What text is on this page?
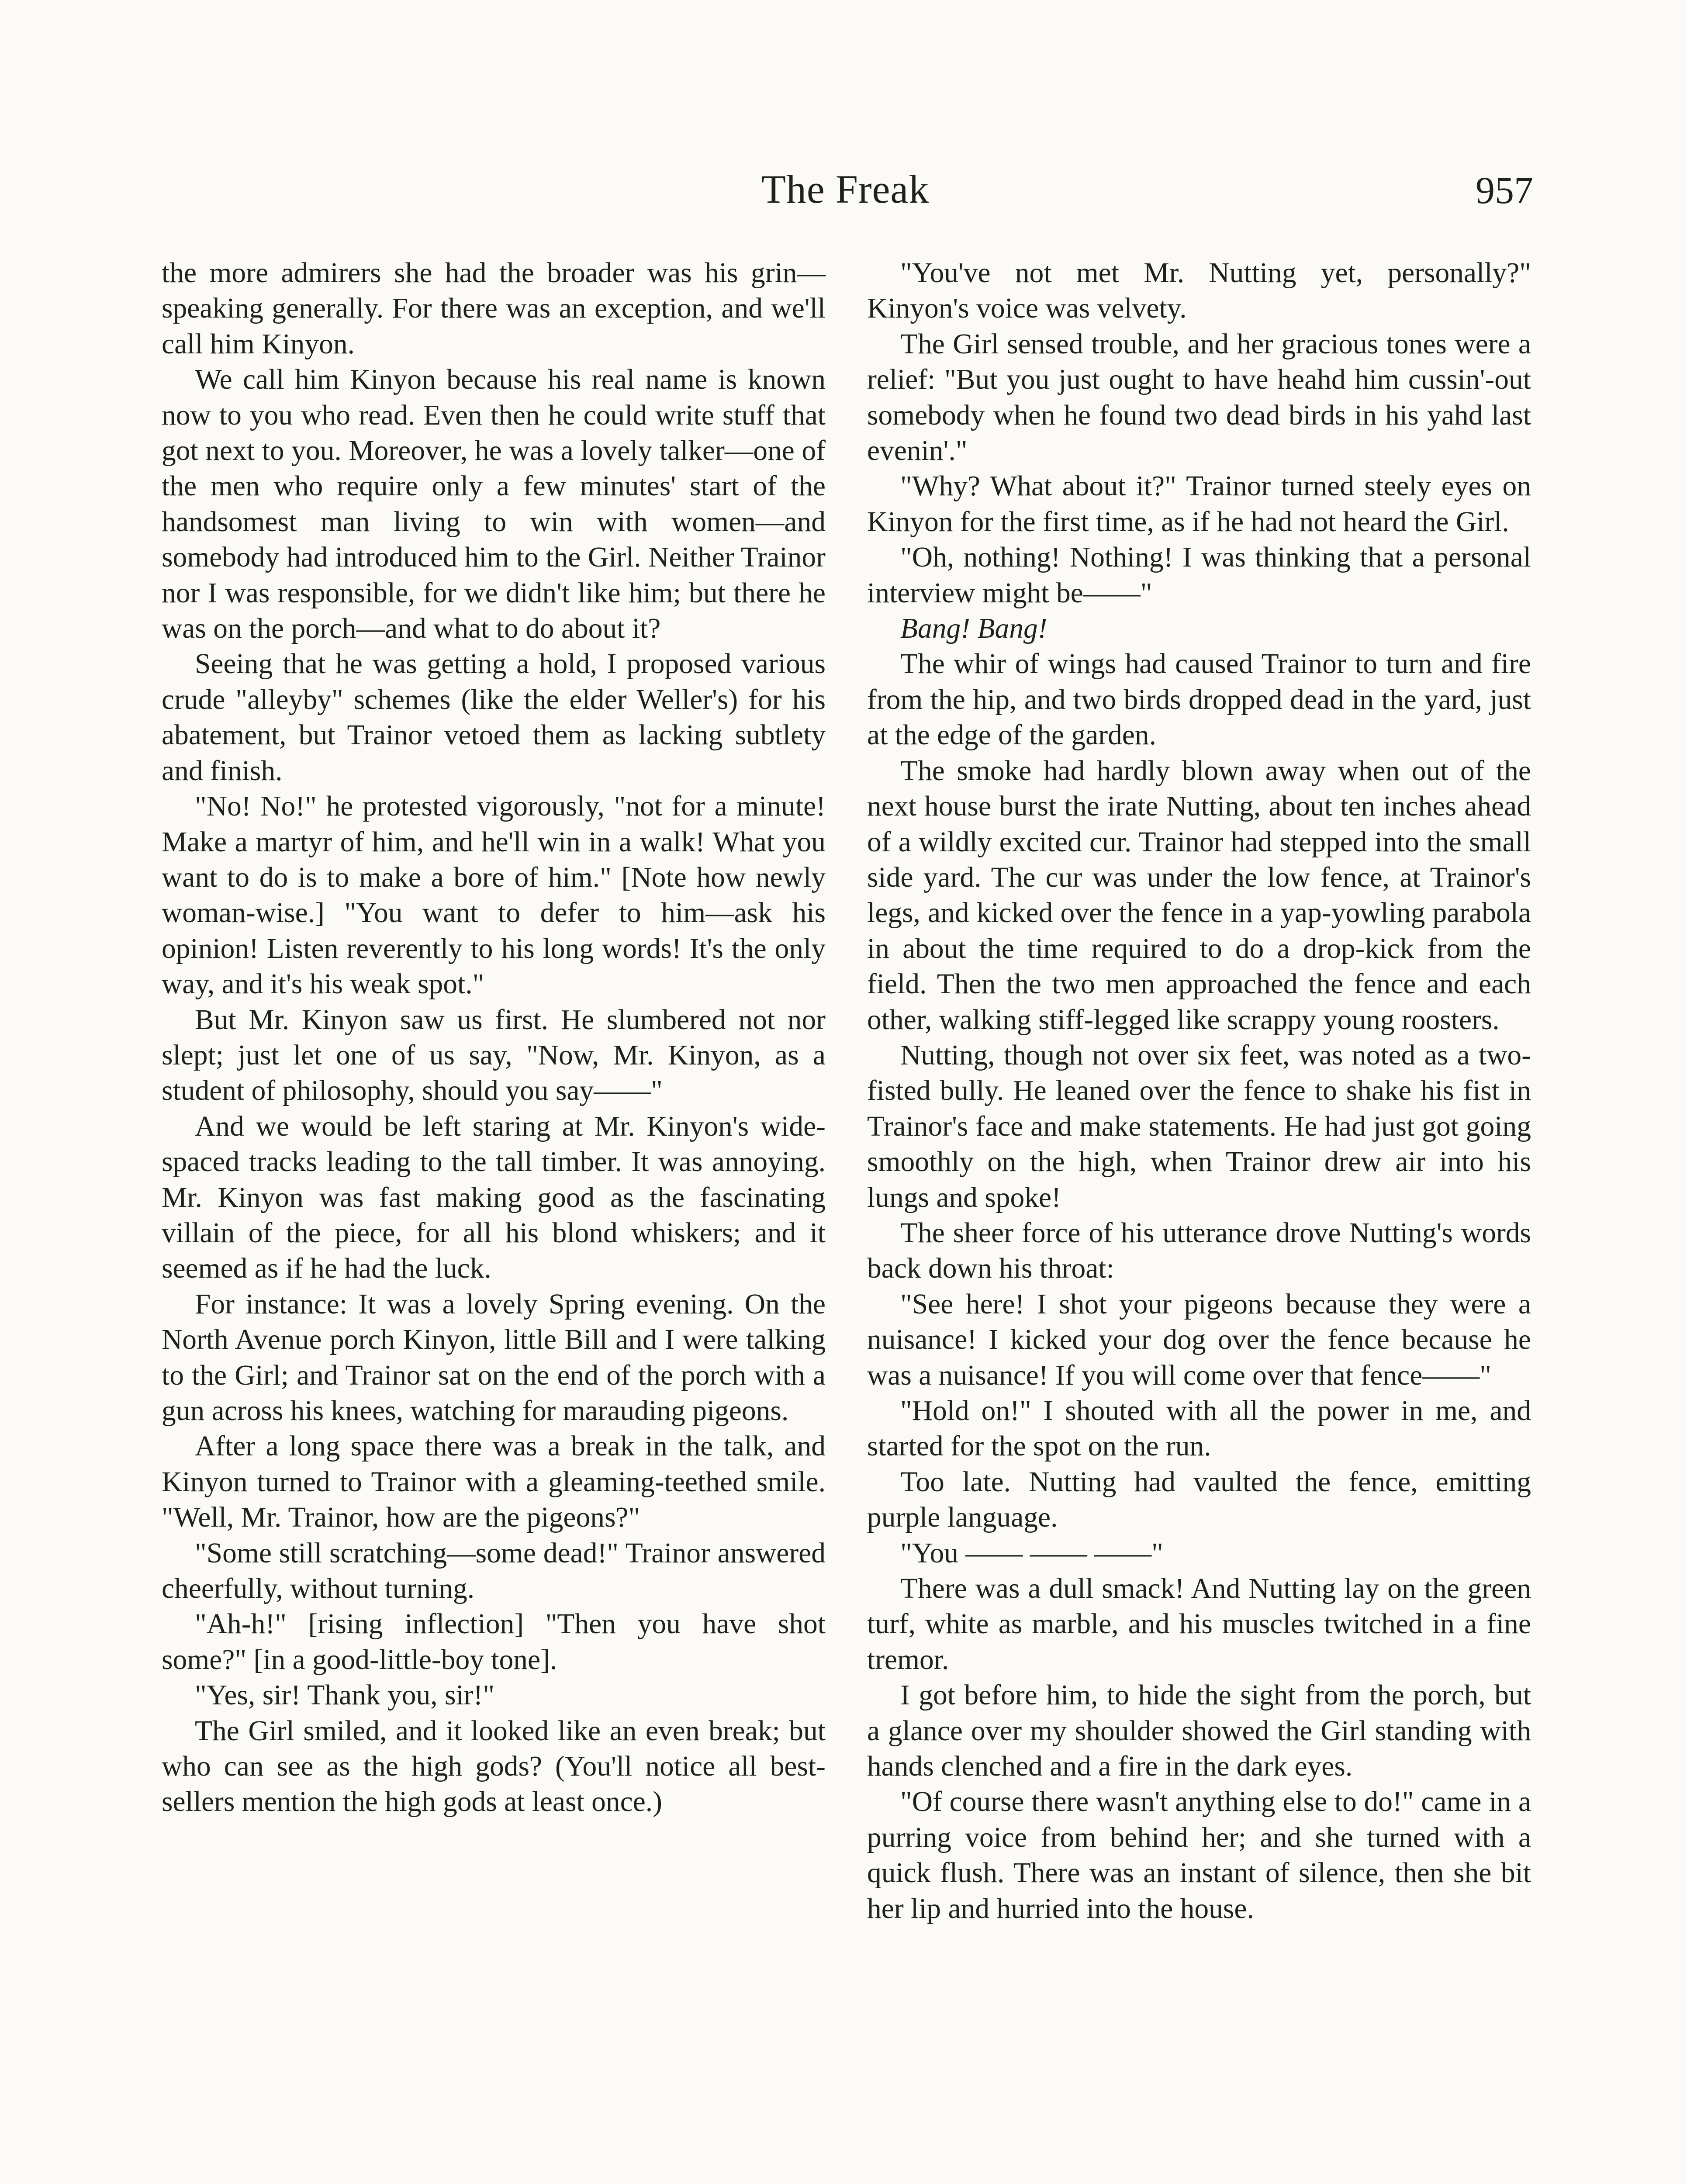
The Freak	957

the more admirers she had the broader was his grin—speaking generally. For there was an exception, and we'll call him Kinyon.

We call him Kinyon because his real name is known now to you who read. Even then he could write stuff that got next to you. Moreover, he was a lovely talker—one of the men who require only a few minutes' start of the handsomest man living to win with women—and somebody had introduced him to the Girl. Neither Trainor nor I was responsible, for we didn't like him; but there he was on the porch—and what to do about it?

Seeing that he was getting a hold, I proposed various crude "alleyby" schemes (like the elder Weller's) for his abatement, but Trainor vetoed them as lacking subtlety and finish.

"No! No!" he protested vigorously, "not for a minute! Make a martyr of him, and he'll win in a walk! What you want to do is to make a bore of him." [Note how newly woman-wise.] "You want to defer to him—ask his opinion! Listen reverently to his long words! It's the only way, and it's his weak spot."

But Mr. Kinyon saw us first. He slumbered not nor slept; just let one of us say, "Now, Mr. Kinyon, as a student of philosophy, should you say——"

And we would be left staring at Mr. Kinyon's wide-spaced tracks leading to the tall timber. It was annoying. Mr. Kinyon was fast making good as the fascinating villain of the piece, for all his blond whiskers; and it seemed as if he had the luck.

For instance: It was a lovely Spring evening. On the North Avenue porch Kinyon, little Bill and I were talking to the Girl; and Trainor sat on the end of the porch with a gun across his knees, watching for marauding pigeons.

After a long space there was a break in the talk, and Kinyon turned to Trainor with a gleaming-teethed smile. "Well, Mr. Trainor, how are the pigeons?"

"Some still scratching—some dead!" Trainor answered cheerfully, without turning.

"Ah-h!" [rising inflection] "Then you have shot some?" [in a good-little-boy tone].

"Yes, sir! Thank you, sir!"

The Girl smiled, and it looked like an even break; but who can see as the high gods? (You'll notice all best-sellers mention the high gods at least once.)

"You've not met Mr. Nutting yet, personally?" Kinyon's voice was velvety.

The Girl sensed trouble, and her gracious tones were a relief: "But you just ought to have heahd him cussin'-out somebody when he found two dead birds in his yahd last evenin'."

"Why? What about it?" Trainor turned steely eyes on Kinyon for the first time, as if he had not heard the Girl.

"Oh, nothing! Nothing! I was thinking that a personal interview might be——"

Bang! Bang!

The whir of wings had caused Trainor to turn and fire from the hip, and two birds dropped dead in the yard, just at the edge of the garden.

The smoke had hardly blown away when out of the next house burst the irate Nutting, about ten inches ahead of a wildly excited cur. Trainor had stepped into the small side yard. The cur was under the low fence, at Trainor's legs, and kicked over the fence in a yap-yowling parabola in about the time required to do a drop-kick from the field. Then the two men approached the fence and each other, walking stiff-legged like scrappy young roosters.

Nutting, though not over six feet, was noted as a two-fisted bully. He leaned over the fence to shake his fist in Trainor's face and make statements. He had just got going smoothly on the high, when Trainor drew air into his lungs and spoke!

The sheer force of his utterance drove Nutting's words back down his throat:

"See here! I shot your pigeons because they were a nuisance! I kicked your dog over the fence because he was a nuisance! If you will come over that fence——"

"Hold on!" I shouted with all the power in me, and started for the spot on the run.

Too late. Nutting had vaulted the fence, emitting purple language.

"You —— —— ——"

There was a dull smack! And Nutting lay on the green turf, white as marble, and his muscles twitched in a fine tremor.

I got before him, to hide the sight from the porch, but a glance over my shoulder showed the Girl standing with hands clenched and a fire in the dark eyes.

"Of course there wasn't anything else to do!" came in a purring voice from behind her; and she turned with a quick flush. There was an instant of silence, then she bit her lip and hurried into the house.
